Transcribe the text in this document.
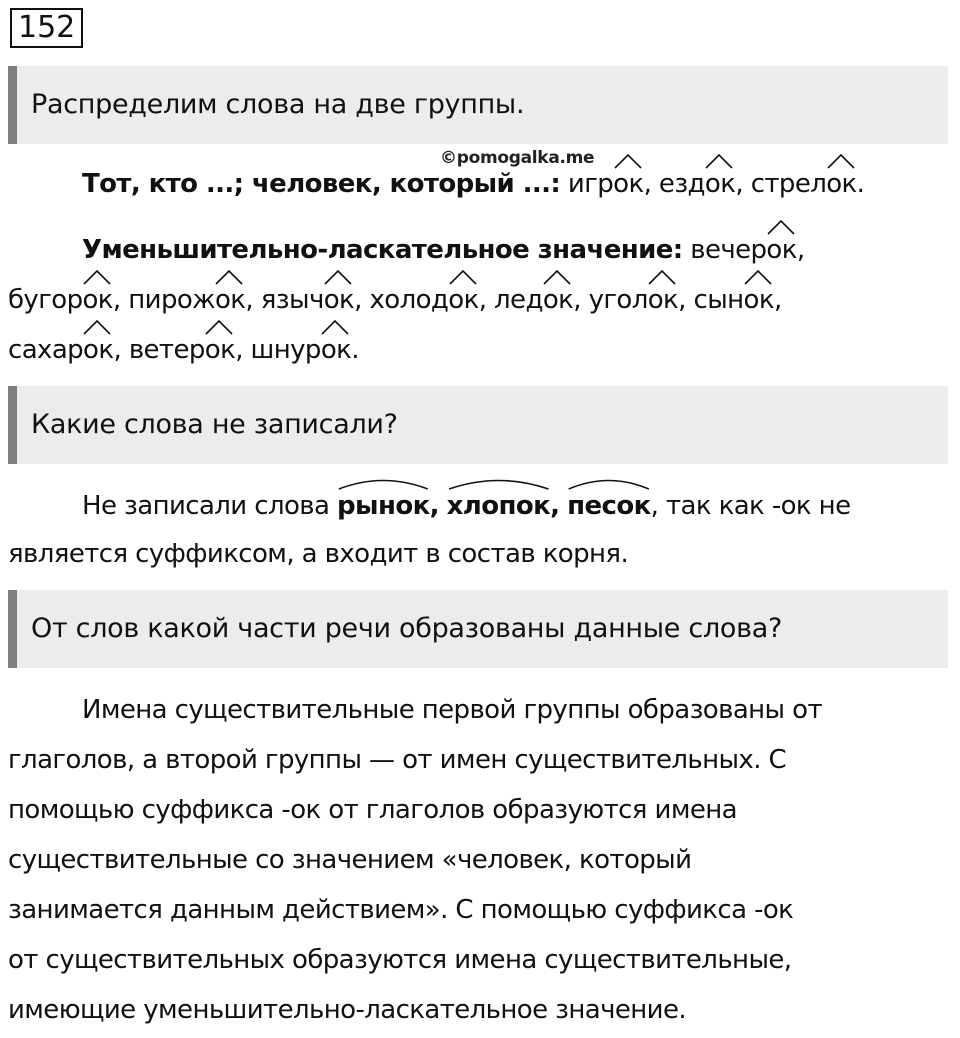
152
Распределим слова на две группы.
©pomogalka.me
Тот, кто ...; человек, который ...: игрок
, ездок
, стрелок
.
Уменьшительно-ласкательное значение: вечерок
,
бугорок
, пирожок
, язычок
, холодок
, ледок
, уголок
, сынок
,
сахарок
, ветерок
, шнурок
.
Какие слова не записали?
Не записали слова рынок
, хлопок
, песок
, так как -ок не
является суффиксом, а входит в состав корня.
От слов какой части речи образованы данные слова?
Имена существительные первой группы образованы от
глаголов, а второй группы — от имен существительных. С
помощью суффикса -ок от глаголов образуются имена
существительные со значением «человек, который
занимается данным действием». С помощью суффикса -ок
от существительных образуются имена существительные,
имеющие уменьшительно-ласкательное значение.
